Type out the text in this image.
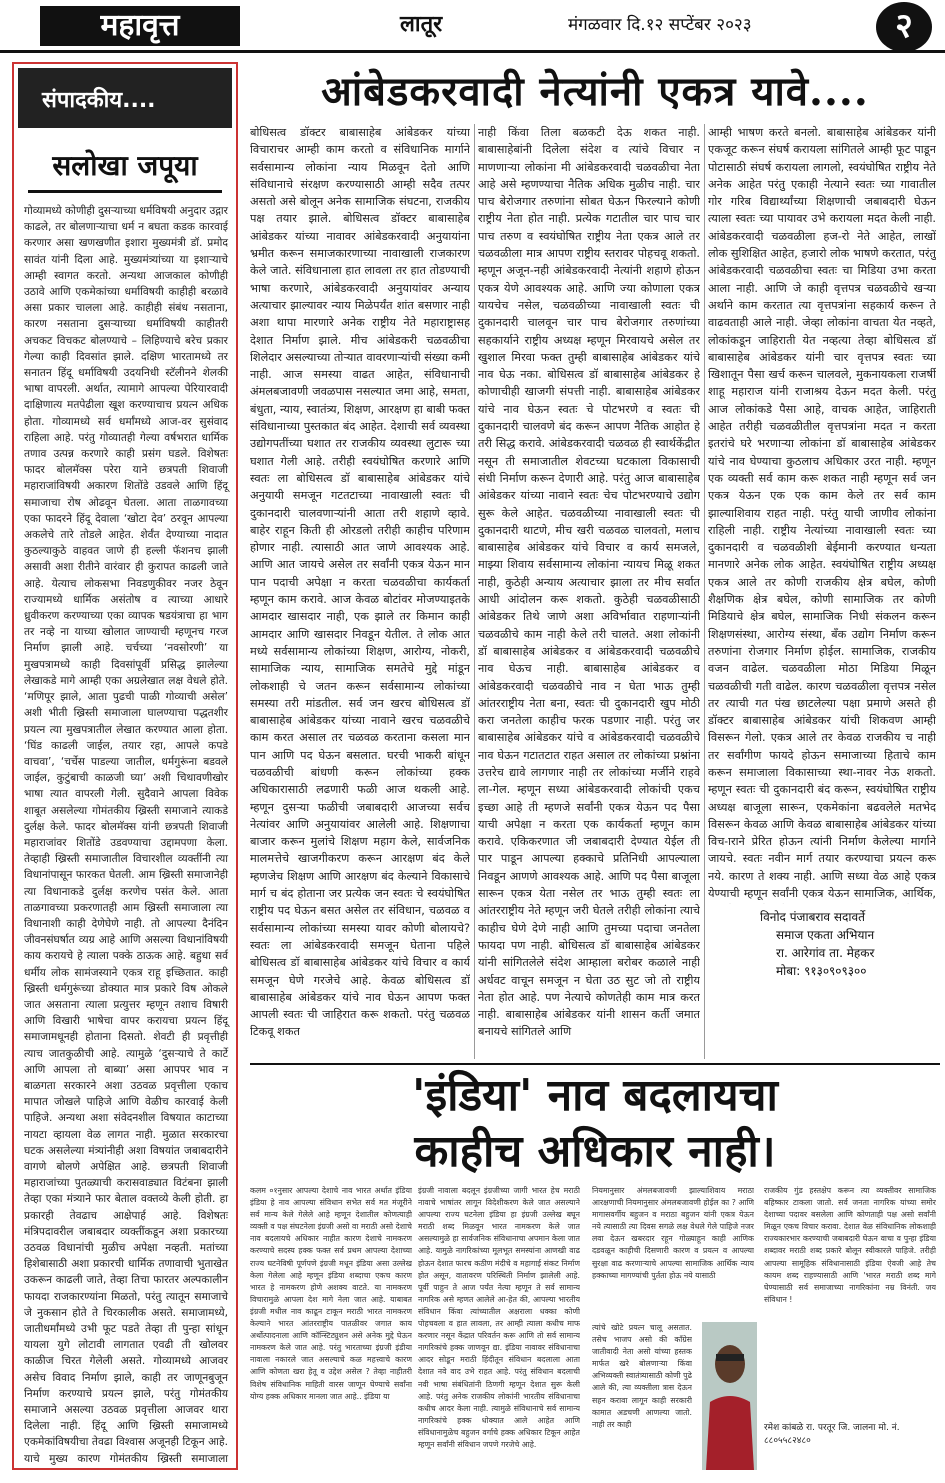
महावृत्त	लातूर	मंगळवार दि.१२ सप्टेंबर २०२३	२
संपादकीय....
सलोखा जपूया
गोव्यामध्ये कोणीही दुसऱ्याच्या धर्मविषयी अनुदार उद्गार काढले, तर बोलणाऱ्याचा धर्म न बघता कडक कारवाई करणार असा खणखणीत इशारा मुख्यमंत्री डॉ. प्रमोद सावंत यांनी दिला आहे. मुख्यमंत्र्यांच्या या इशाऱ्याचे आम्ही स्वागत करतो. अन्यथा आजकाल कोणीही उठावे आणि एकमेकांच्या धर्माविषयी काहीही बरळावे असा प्रकार चालला आहे. काहीही संबंध नसताना, कारण नसताना दुसऱ्याच्या धर्माविषयी काहीतरी अचकट विचकट बोलण्याचे – लिहिण्याचे बरेच प्रकार गेल्या काही दिवसांत झाले. दक्षिण भारतामध्ये तर सनातन हिंदू धर्माविषयी उदयनिधी स्टॅलीनने शेलकी भाषा वापरली. अर्थात, त्यामागे आपल्या पेरियारवादी दाक्षिणात्य मतपेढीला खूश करण्याचाच प्रयत्न अधिक होता. गोव्यामध्ये सर्व धर्मांमध्ये आज-वर सुसंवाद राहिला आहे. परंतु गोव्यातही गेल्या वर्षभरात धार्मिक तणाव उत्पन्न करणारे काही प्रसंग घडले. विशेषतः फादर बोलमॅक्स परेरा याने छत्रपती शिवाजी महाराजांविषयी अकारण शितोंडे उडवले आणि हिंदू समाजाचा रोष ओढवून घेतला. आता ताळगावच्या एका फादरने हिंदू देवाला ‘खोटा देव’ ठरवून आपल्या अकलेचे तारे तोडले आहेत. शेर्वंत देण्याच्या नादात कुठल्याकुठे वाहवत जाणे ही हल्ली फॅशनच झाली असावी अशा रीतीने वारंवार ही कुरापत काढली जाते आहे. येत्याच लोकसभा निवडणुकीवर नजर ठेवून राज्यामध्ये धार्मिक असंतोष व त्याच्या आधारे ध्रुवीकरण करण्याच्या एका व्यापक षडयंत्राचा हा भाग तर नव्हे ना याच्या खोलात जाण्याची म्हणूनच गरज निर्माण झाली आहे. चर्चच्या ‘नवसोरणी’ या मुखपत्रामध्ये काही दिवसांपूर्वी प्रसिद्ध झालेल्या लेखाकडे मागे आम्ही एका अग्रलेखात लक्ष वेधले होते. ‘मणिपूर झाले, आता पुढची पाळी गोव्याची असेल’ अशी भीती ख्रिस्ती समाजाला घालण्याचा पद्धतशीर प्रयत्न त्या मुखपत्रातील लेखात करण्यात आला होता. ‘घिंड काढली जाईल, तयार रहा, आपले कपडे वाचवा’, ‘चर्चेस पाडल्या जातील, धर्मगुरूंना बडवले जाईल, कुटुंबाची काळजी घ्या’ अशी चिथावणीखोर भाषा त्यात वापरली गेली. सुदैवाने आपला विवेक शाबूत असलेल्या गोमंतकीय ख्रिस्ती समाजाने त्याकडे दुर्लक्ष केले. फादर बोलमॅक्स यांनी छत्रपती शिवाजी महाराजांवर शितोंडे उडवण्याचा उद्दामपणा केला. तेव्हाही ख्रिस्ती समाजातील विचारशील व्यक्तींनी त्या विधानांपासून फारकत घेतली. आम ख्रिस्ती समाजानेही त्या विधानाकडे दुर्लक्ष करणेच पसंत केले. आता ताळगावच्या प्रकरणातही आम ख्रिस्ती समाजाला त्या विधानाशी काही देणेघेणे नाही. तो आपल्या दैनंदिन जीवनसंघर्षात व्यग्र आहे आणि असल्या विधानांविषयी काय करायचे हे त्याला पक्के ठाऊक आहे. बहुधा सर्व धर्मीय लोक सामंजस्याने एकत्र राहू इच्छितात. काही ख्रिस्ती धर्मगुरूंच्या डोक्यात मात्र प्रकारे विष ओकले जात असताना त्याला प्रत्युत्तर म्हणून तशाच विषारी आणि विखारी भाषेचा वापर करायचा प्रयत्न हिंदू समाजामधूनही होताना दिसतो. शेवटी ही प्रवृत्तीही त्याच जातकुळीची आहे. त्यामुळे ‘दुसऱ्याचे ते कार्टे आणि आपला तो बाब्या’ असा आपपर भाव न बाळगता सरकारने अशा उठवळ प्रवृत्तीला एकाच मापात जोखले पाहिजे आणि वेळीच कारवाई केली पाहिजे. अन्यथा अशा संवेदनशील विषयात काटाच्या नायटा व्हायला वेळ लागत नाही. मुळात सरकारचा घटक असलेल्या मंत्र्यांनीही अशा विषयांत जबाबदारीने वागणे बोलणे अपेक्षित आहे. छत्रपती शिवाजी महाराजांच्या पुतळ्याची करासवाड्यात विटंबना झाली तेव्हा एका मंत्र्याने फार बेताल वक्तव्ये केली होती. हा प्रकारही तेवढाच आक्षेपार्ह आहे. विशेषतः मंत्रिपदावरील जबाबदार व्यक्तींकडून अशा प्रकारच्या उठवळ विधानांची मुळीच अपेक्षा नव्हती. मतांच्या हिशेबासाठी अशा प्रकारची धार्मिक तणावाची भुताखेत उकरून काढली जाते, तेव्हा तिचा फारतर अल्पकालीन फायदा राजकारण्यांना मिळतो, परंतु त्यातून समाजाचे जे नुकसान होते ते चिरकालीक असते. समाजामध्ये, जातीधर्मांमध्ये उभी फूट पडते तेव्हा ती पुन्हा सांधून यायला युगे लोटावी लागतात एवढी ती खोलवर काळीज चिरत गेलेली असते. गोव्यामध्ये आजवर असेच विवाद निर्माण झाले, काही तर जाणूनबुजून निर्माण करण्याचे प्रयत्न झाले, परंतु गोमंतकीय समाजाने असल्या उठवळ प्रवृत्तीला आजवर थारा दिलेला नाही. हिंदू आणि ख्रिस्ती समाजामध्ये एकमेकांविषयीचा तेवढा विश्वास अजूनही टिकून आहे. याचे मुख्य कारण गोमंतकीय ख्रिस्ती समाजाला
आंबेडकरवादी नेत्यांनी एकत्र यावे....
बोधिसत्व डॉक्टर बाबासाहेब आंबेडकर यांच्या विचाराचर आम्ही काम करतो व संविधानिक मार्गाने सर्वसामान्य लोकांना न्याय मिळवून देतो आणि संविधानाचे संरक्षण करण्यासाठी आम्ही सदैव तत्पर असतो असे बोलून अनेक सामाजिक संघटना, राजकीय पक्ष तयार झाले. बोधिसत्व डॉक्टर बाबासाहेब आंबेडकर यांच्या नावावर आंबेडकरवादी अनुयायांना भ्रमीत करून समाजकारणाच्या नावाखाली राजकारण केले जाते. संविधानाला हात लावला तर हात तोडण्याची भाषा करणारे, आंबेडकरवादी अनुयायांवर अन्याय अत्याचार झाल्यावर न्याय मिळेपर्यंत शांत बसणार नाही अशा थापा मारणारे अनेक राष्ट्रीय नेते महाराष्ट्रासह देशात निर्माण झाले. मीच आंबेडकरी चळवळीचा शिलेदार असल्याच्या तोऱ्यात वावरणाऱ्यांची संख्या कमी नाही. आज समस्या वाढत आहेत, संविधानाची अंमलबजावणी जवळपास नसल्यात जमा आहे, समता, बंधुता, न्याय, स्वातंत्र्य, शिक्षण, आरक्षण हा बाबी फक्त संविधानाच्या पुस्तकात बंद आहेत. देशाची सर्व व्यवस्था उद्योगपतींच्या घशात तर राजकीय व्यवस्था लुटारू च्या घशात गेली आहे. तरीही स्वयंघोषित करणारे आणि स्वतः ला बोधिसत्व डॉ बाबासाहेब आंबेडकर यांचे अनुयायी समजून गटतटाच्या नावाखाली स्वतः ची दुकानदारी चालवणाऱ्यांनी आता तरी शहाणे व्हावे. बाहेर राहून किती ही ओरडलो तरीही काहीच परिणाम होणार नाही. त्यासाठी आत जाणे आवश्यक आहे. आणि आत जायचे असेल तर सर्वांनी एकत्र येऊन मान पान पदाची अपेक्षा न करता चळवळीचा कार्यकर्ता म्हणून काम करावे. आज केवळ बोटांवर मोजण्याइतके आमदार खासदार नाही, एक झाले तर किमान काही आमदार आणि खासदार निवडून येतील. ते लोक आत मध्ये सर्वसामान्य लोकांच्या शिक्षण, आरोग्य, नोकरी, सामाजिक न्याय, सामाजिक समतेचे मुद्दे मांडून लोकशाही चे जतन करून सर्वसामान्य लोकांच्या समस्या तरी मांडतील. सर्व जन खरच बोधिसत्व डॉ बाबासाहेब आंबेडकर यांच्या नावाने खरच चळवळीचे काम करत असाल तर चळवळ करताना कसला मान पान आणि पद घेऊन बसलात. घरची भाकरी बांधून चळवळीची बांधणी करून लोकांच्या हक्क अधिकारासाठी लढणारी फळी आज थकली आहे. म्हणून दुसऱ्या फळीची जबाबदारी आजच्या सर्वच नेत्यांवर आणि अनुयायांवर आलेली आहे. शिक्षणाचा बाजार करून मुलांचे शिक्षण महाग केले, सार्वजनिक मालमत्तेचे खाजगीकरण करून आरक्षण बंद केले म्हणजेच शिक्षण आणि आरक्षण बंद केल्याने विकासाचे मार्ग च बंद होताना जर प्रत्येक जन स्वतः चे स्वयंघोषित राष्ट्रीय पद घेऊन बसत असेल तर संविधान, चळवळ व सर्वसामान्य लोकांच्या समस्या यावर कोणी बोलायचे? स्वतः ला आंबेडकरवादी समजून घेताना पहिले बोधिसत्व डॉ बाबासाहेब आंबेडकर यांचे विचार व कार्य समजून घेणे गरजेचे आहे. केवळ बोधिसत्व डॉ बाबासाहेब आंबेडकर यांचे नाव घेऊन आपण फक्त आपली स्वतः ची जाहिरात करू शकतो. परंतु चळवळ टिकवू शकत
नाही किंवा तिला बळकटी देऊ शकत नाही. बाबासाहेबांनी दिलेला संदेश व त्यांचे विचार न माणणाऱ्या लोकांना मी आंबेडकरवादी चळवळीचा नेता आहे असे म्हणण्याचा नैतिक अधिक मुळीच नाही. चार पाच बेरोजगार तरुणांना सोबत घेऊन फिरल्याने कोणी राष्ट्रीय नेता होत नाही. प्रत्येक गटातील चार पाच चार पाच तरुण व स्वयंघोषित राष्ट्रीय नेता एकत्र आले तर चळवळीला मात्र आपण राष्ट्रीय स्तरावर पोहचवू शकतो. म्हणून अजून-नही आंबेडकरवादी नेत्यांनी शहाणे होऊन एकत्र येणे आवश्यक आहे. आणि ज्या कोणाला एकत्र यायचेच नसेल, चळवळीच्या नावाखाली स्वतः ची दुकानदारी चालवून चार पाच बेरोजगार तरुणांच्या सहकार्याने राष्ट्रीय अध्यक्ष म्हणून मिरवायचे असेल तर खुशाल मिरवा फक्त तुम्ही बाबासाहेब आंबेडकर यांचे नाव घेऊ नका. बोधिसत्व डॉ बाबासाहेब आंबेडकर हे कोणाचीही खाजगी संपत्ती नाही. बाबासाहेब आंबेडकर यांचे नाव घेऊन स्वतः चे पोटभरणे व स्वतः ची दुकानदारी चालवणे बंद करून आपण नैतिक आहोत हे तरी सिद्ध करावे. आंबेडकरवादी चळवळ ही स्वार्थकेंद्रीत नसून ती समाजातील शेवटच्या घटकाला विकासाची संधी निर्माण करून देणारी आहे. परंतु आज बाबासाहेब आंबेडकर यांच्या नावाने स्वतः चेच पोटभरण्याचे उद्योग सुरू केले आहेत. चळवळीच्या नावाखाली स्वतः ची दुकानदारी थाटणे, मीच खरी चळवळ चालवतो, मलाच बाबासाहेब आंबेडकर यांचे विचार व कार्य समजले, माझ्या शिवाय सर्वसामान्य लोकांना न्यायच मिळू शकत नाही, कुठेही अन्याय अत्याचार झाला तर मीच सर्वात आधी आंदोलन करू शकतो. कुठेही चळवळीसाठी आंबेडकर तिथे जाणे अशा अविर्भावात राहणाऱ्यांनी चळवळीचे काम नाही केले तरी चालते. अशा लोकांनी डॉ बाबासाहेब आंबेडकर व आंबेडकरवादी चळवळीचे नाव घेऊच नाही. बाबासाहेब आंबेडकर व आंबेडकरवादी चळवळीचे नाव न घेता भाऊ तुम्ही आंतरराष्ट्रीय नेता बना, स्वतः ची दुकानदारी खुप मोठी करा जनतेला काहीच फरक पडणार नाही. परंतु जर बाबासाहेब आंबेडकर यांचे व आंबेडकरवादी चळवळीचे नाव घेऊन गटातटात राहत असाल तर लोकांच्या प्रश्नांना उत्तरेच द्यावे लागणार नाही तर लोकांच्या मर्जीने राहवे ला-गेल. म्हणून सध्या आंबेडकरवादी लोकांची एकच इच्छा आहे ती म्हणजे सर्वांनी एकत्र येऊन पद पैसा याची अपेक्षा न करता एक कार्यकर्ता म्हणून काम करावे. एकिकरणात जी जबाबदारी देण्यात येईल ती पार पाडून आपल्या हक्काचे प्रतिनिधी आपल्याला निवडून आणणे आवश्यक आहे. आणि पद पैसा बाजूला सारून एकत्र येता नसेल तर भाऊ तुम्ही स्वतः ला आंतरराष्ट्रीय नेते म्हणून जरी घेतले तरीही लोकांना त्याचे काहीच घेणे देणे नाही आणि तुमच्या पदाचा जनतेला फायदा पण नाही. बोधिसत्व डॉ बाबासाहेब आंबेडकर यांनी सांगितलेले संदेश आम्हाला बरोबर कळाले नाही अर्धवट वाचून समजून न घेता उठ सुट जो तो राष्ट्रीय नेता होत आहे. पण नेत्याचे कोणतेही काम मात्र करत नाही. बाबासाहेब आंबेडकर यांनी शासन कर्ती जमात बनायचे सांगितले आणि
आम्ही भाषण करते बनलो. बाबासाहेब आंबेडकर यांनी एकजूट करून संघर्ष करायला सांगितले आम्ही फूट पाडून पोटासाठी संघर्ष करायला लागलो, स्वयंघोषित राष्ट्रीय नेते अनेक आहेत परंतु एकाही नेत्याने स्वतः च्या गावातील गोर गरिब विद्यार्थ्यांच्या शिक्षणाची जबाबदारी घेऊन त्याला स्वतः च्या पायावर उभे करायला मदत केली नाही. आंबेडकरवादी चळवळीला हज-रो नेते आहेत, लाखों लोक सुशिक्षित आहेत, हजारो लोक भाषणे करतात, परंतु आंबेडकरवादी चळवळीचा स्वतः चा मिडिया उभा करता आला नाही. आणि जे काही वृत्तपत्र चळवळीचे खऱ्या अर्थाने काम करतात त्या वृत्तपत्रांना सहकार्य करून ते वाढवताही आले नाही. जेव्हा लोकांना वाचता येत नव्हते, लोकांकडून जाहिराती येत नव्हत्या तेव्हा बोधिसत्व डॉ बाबासाहेब आंबेडकर यांनी चार वृत्तपत्र स्वतः च्या खिशातून पैसा खर्च करून चालवले, मुकनायकला राजर्षी शाहू महाराज यांनी राजाश्रय देऊन मदत केली. परंतु आज लोकांकडे पैसा आहे, वाचक आहेत, जाहिराती आहेत तरीही चळवळीतील वृत्तपत्रांना मदत न करता इतरांचे घरे भरणाऱ्या लोकांना डॉ बाबासाहेब आंबेडकर यांचे नाव घेण्याचा कुठलाच अधिकार उरत नाही. म्हणून एक व्यक्ती सर्व काम करू शकत नाही म्हणून सर्व जन एकत्र येऊन एक एक काम केले तर सर्व काम झाल्याशिवाय राहत नाही. परंतु याची जाणीव लोकांना राहिली नाही. राष्ट्रीय नेत्यांच्या नावाखाली स्वतः च्या दुकानदारी व चळवळीशी बेईमानी करण्यात धन्यता मानणारे अनेक लोक आहेत. स्वयंघोषित राष्ट्रीय अध्यक्ष एकत्र आले तर कोणी राजकीय क्षेत्र बघेल, कोणी शैक्षणिक क्षेत्र बघेल, कोणी सामाजिक तर कोणी मिडियाचे क्षेत्र बघेल, सामाजिक निधी संकलन करून शिक्षणसंस्था, आरोग्य संस्था, बँक उद्योग निर्माण करून तरुणांना रोजगार निर्माण होईल. सामाजिक, राजकीय वजन वाढेल. चळवळीला मोठा मिडिया मिळून चळवळीची गती वाढेल. कारण चळवळीला वृत्तपत्र नसेल तर त्याची गत पंख छाटलेल्या पक्षा प्रमाणे असते ही डॉक्टर बाबासाहेब आंबेडकर यांची शिकवण आम्ही विसरून गेलो. एकत्र आले तर केवळ राजकीय च नाही तर सर्वांगीण फायदे होऊन समाजाच्या हिताचे काम करून समाजाला विकासाच्या स्था-नावर नेऊ शकतो. म्हणून स्वतः ची दुकानदारी बंद करून, स्वयंघोषित राष्ट्रीय अध्यक्ष बाजूला सारून, एकमेकांना बढवलेले मतभेद विसरून केवळ आणि केवळ बाबासाहेब आंबेडकर यांच्या विच-ाराने प्रेरित होऊन त्यांनी निर्माण केलेल्या मार्गाने जायचे. स्वतः नवीन मार्ग तयार करण्याचा प्रयत्न करू नये. कारण ते शक्य नाही. आणि सध्या वेळ आहे एकत्र येण्याची म्हणून सर्वांनी एकत्र येऊन सामाजिक, आर्थिक,
विनोद पंजाबराव सदावर्ते
समाज एकता अभियान
रा. आरेगांव ता. मेहकर
मोबा: ९१३०९०९३००
'इंडिया' नाव बदलायचा
काहीच अधिकार नाही।
कलम ०१नुसार आपल्या देशाचे नाव भारत अर्थात इंडिया इंडिया हे नाव आपल्या संविधान सभेत सर्व मत मंजूरीने सर्व मान्य केले गेलेले आहे म्हणून देशातील कोणत्याही व्यक्ती व पक्ष संघटनेला इंग्रजी असो वा मराठी असो देशाचे नाव बदलायचे अधिकार नाहीत कारण देशाचे नामकरण करण्याचे सदस्य हक्क फक्त सर्व प्रथम आपल्या देशाच्या राज्य घटनेविषी पूर्णपणे इंग्रजी मधून इंडिया असा उल्लेख केला गेलेला आहे म्हणून इंडिया शब्दाचा एकच कारण भारत हे नामकरण होणे अशक्य वाटते. या नामकरण विचारामुळे आपला देश मागे नेला जात आहे. याबाबत इंग्रजी मधील नाव काढून टाकून मराठी भारत नामकरण केल्याने भारत आंतरराष्ट्रीय पातळीवर जगात काय अर्थोत्पादनाला आणि कॉन्स्टिट्युशन असे अनेक मुद्दे घेऊन नामकरण केले जात आहे. परंतु भारताच्या इंग्रजी इंडीया नावाला नकारले जात असल्याचे कळ महत्त्वाचे कारण आणि कोणता खरा हेतू व उद्देश असेल ? तेव्हा नाहीतरी विशेष संविधानिक माहिती वारस जाणून घेण्याचे सर्वांना योग्य हक्क अधिकार मानला जात आहे.. इंडिया या
इंग्रजी नावाला बदलून इंग्रजीच्या जागी भारत हेच मराठी नावाचे भाषांतर लागून विदेशीकरण केले जात असल्याने आपल्या राज्य घटनेला इंडिया हा इंग्रजी उल्लेख बघून मराठी शब्द मिळवून भारत नामकरण केले जात असल्यामुळे हा सार्वजनिक संविधानाचा अपमान केला जात आहे. यामुळे नागरिकांच्या मूलभूत समस्यांना आणखी वाढ होऊन देशात फारच कठीण मंदीचे व महागाई संकट निर्माण होत असून, वातावरण परिस्थिती निर्माण झालेली आहे. पूर्वी पाहुन ते आज पर्यंत नेत्या म्हणून ते सर्व सामान्य नागरिक असे म्हणत आलेले आ-हेत की, आपल्या भारतीय संविधान किंवा त्यांच्यातील अक्षराला धक्का कोणी पोहचवला व हात लावला, तर आम्ही त्याला कधीच माफ करणार नसून केंद्रात परिवर्तन करू आणि तो सर्व सामान्य नागरिकांचे हक्क जाणवून द्या. इंडिया नावावर संविधानाचा आदर सोडून मराठी हिंदीतून संविधान बदलाला आता देशात नवे वाद उभे राहत आहे. परंतु संविधान बदलाची नवी भाषा संबंधितांनी ठिणगी म्हणून देशात सुरू केली आहे. परंतु अनेक राजकीय लोकांनी भारतीय संविधानाचा कधीच आदर केला नाही. त्यामुळे संविधानाचे सर्व सामान्य नागरिकांचे हक्क धोक्यात आले आहेत आणि संविधानामुळेच बहुजन वर्गाचे हक्क अधिकार टिकून आहेत म्हणून सर्वांनी संविधान जपणे गरजेचे आहे.
नियमानुसार अंमलबजावणी झाल्याशिवाय मराठा आरक्षणाची नियमानुसार अंमलबजावणी होईल का ? आणि मागासवर्गीय बहुजन व मराठा बहुजन यांनी एकत्र येऊन नये त्यासाठी त्या दिवस सगळे लक्ष वेधले गेले पाहिजे नजर लवा देऊन खबरदार रहून गोळ्याहून काही आणिक दडवळून काहीची दिसणारी कारण व प्रयत्न व आपल्या सुरक्षा वाढ करणाऱ्याचे आपल्या सामाजिक आर्थिक न्याय हक्काच्या मागण्यांची पुर्तता होऊ नये यासाठी
त्यांचे खोटे प्रयत्न चालू असतात. तसेच भाजप असो की काँग्रेस जातीवादी नेता असो यांच्या हस्तक मार्फत खरे बोलणाऱ्या किंवा अभिव्यक्ती स्वातंत्र्यासाठी कोणी पुढे आले की, त्या व्यक्तीला त्रास देऊन सहन करावा लागून काही सरकारी कामात अडचणी आणल्या जातो. नाही तर काही
राजकीय गुंड हस्तक्षेप करून त्या व्यक्तीवर सामाजिक बहिष्कार टाकला जातो. सर्व जनता नागरिक यांच्या समोर देशाच्या पदावर बसलेला आणि कोणताही पक्ष असो सर्वांनी मिळून एकच विचार करावा. देशात वेळ संविधानिक लोकशाही राज्यकारभार करण्याची जबाबदारी घेऊन वाचा व पुन्हा इंडिया शब्दावर मराठी शब्द प्रकारे बोलून स्वीकारले पाहिजे. तरीही आपल्या सामूहिक संविधानासाठी इंडिया ऐवजी आहे तेच कायम शब्द राहण्यासाठी आणि 'भारत मराठी शब्द मागे घेण्यासाठी सर्व समाजाच्या नागरिकांना नम्र विनंती. जय संविधान !
रमेश कांबळे रा. परतूर जि. जालना मो. नं. ८८०५५८२४८०
